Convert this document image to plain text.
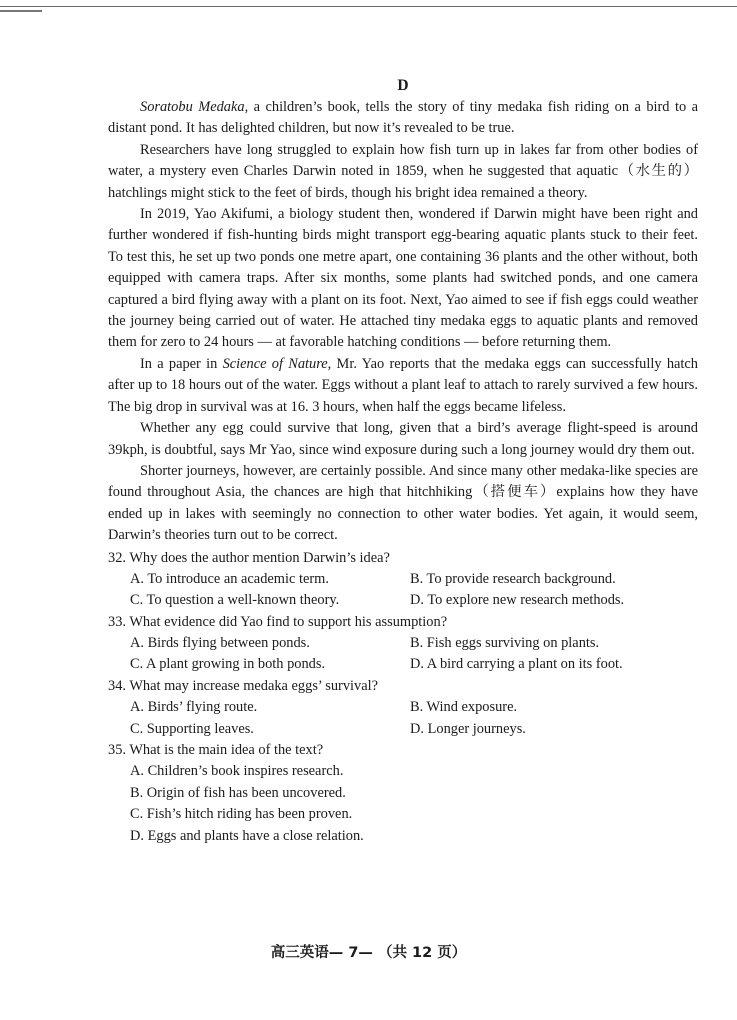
D

Soratobu Medaka, a children’s book, tells the story of tiny medaka fish riding on a bird to a distant pond. It has delighted children, but now it’s revealed to be true.

Researchers have long struggled to explain how fish turn up in lakes far from other bodies of water, a mystery even Charles Darwin noted in 1859, when he suggested that aquatic（水生的）hatchlings might stick to the feet of birds, though his bright idea remained a theory.

In 2019, Yao Akifumi, a biology student then, wondered if Darwin might have been right and further wondered if fish-hunting birds might transport egg-bearing aquatic plants stuck to their feet. To test this, he set up two ponds one metre apart, one containing 36 plants and the other without, both equipped with camera traps. After six months, some plants had switched ponds, and one camera captured a bird flying away with a plant on its foot. Next, Yao aimed to see if fish eggs could weather the journey being carried out of water. He attached tiny medaka eggs to aquatic plants and removed them for zero to 24 hours — at favorable hatching conditions — before returning them.

In a paper in Science of Nature, Mr. Yao reports that the medaka eggs can successfully hatch after up to 18 hours out of the water. Eggs without a plant leaf to attach to rarely survived a few hours. The big drop in survival was at 16. 3 hours, when half the eggs became lifeless.

Whether any egg could survive that long, given that a bird’s average flight-speed is around 39kph, is doubtful, says Mr Yao, since wind exposure during such a long journey would dry them out.

Shorter journeys, however, are certainly possible. And since many other medaka-like species are found throughout Asia, the chances are high that hitchhiking（搭便车）explains how they have ended up in lakes with seemingly no connection to other water bodies. Yet again, it would seem, Darwin’s theories turn out to be correct.

32. Why does the author mention Darwin’s idea?
A. To introduce an academic term.	B. To provide research background.
C. To question a well-known theory.	D. To explore new research methods.
33. What evidence did Yao find to support his assumption?
A. Birds flying between ponds.	B. Fish eggs surviving on plants.
C. A plant growing in both ponds.	D. A bird carrying a plant on its foot.
34. What may increase medaka eggs’ survival?
A. Birds’ flying route.	B. Wind exposure.
C. Supporting leaves.	D. Longer journeys.
35. What is the main idea of the text?
A. Children’s book inspires research.
B. Origin of fish has been uncovered.
C. Fish’s hitch riding has been proven.
D. Eggs and plants have a close relation.
高三英语— 7— （共 12 页）
